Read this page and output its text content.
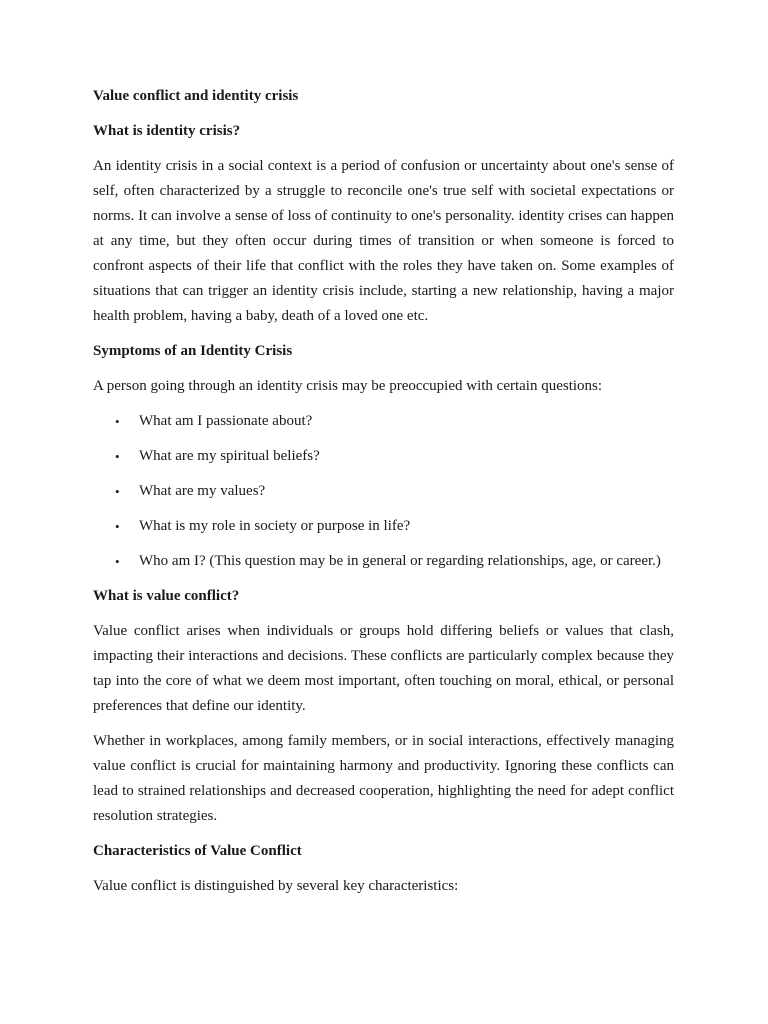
Value conflict and identity crisis
What is identity crisis?
An identity crisis in a social context is a period of confusion or uncertainty about one's sense of self, often characterized by a struggle to reconcile one's true self with societal expectations or norms. It can involve a sense of loss of continuity to one's personality. identity crises can happen at any time, but they often occur during times of transition or when someone is forced to confront aspects of their life that conflict with the roles they have taken on. Some examples of situations that can trigger an identity crisis include, starting a new relationship, having a major health problem, having a baby, death of a loved one etc.
Symptoms of an Identity Crisis
A person going through an identity crisis may be preoccupied with certain questions:
• What am I passionate about?
• What are my spiritual beliefs?
• What are my values?
• What is my role in society or purpose in life?
• Who am I? (This question may be in general or regarding relationships, age, or career.)
What is value conflict?
Value conflict arises when individuals or groups hold differing beliefs or values that clash, impacting their interactions and decisions. These conflicts are particularly complex because they tap into the core of what we deem most important, often touching on moral, ethical, or personal preferences that define our identity.
Whether in workplaces, among family members, or in social interactions, effectively managing value conflict is crucial for maintaining harmony and productivity. Ignoring these conflicts can lead to strained relationships and decreased cooperation, highlighting the need for adept conflict resolution strategies.
Characteristics of Value Conflict
Value conflict is distinguished by several key characteristics:
